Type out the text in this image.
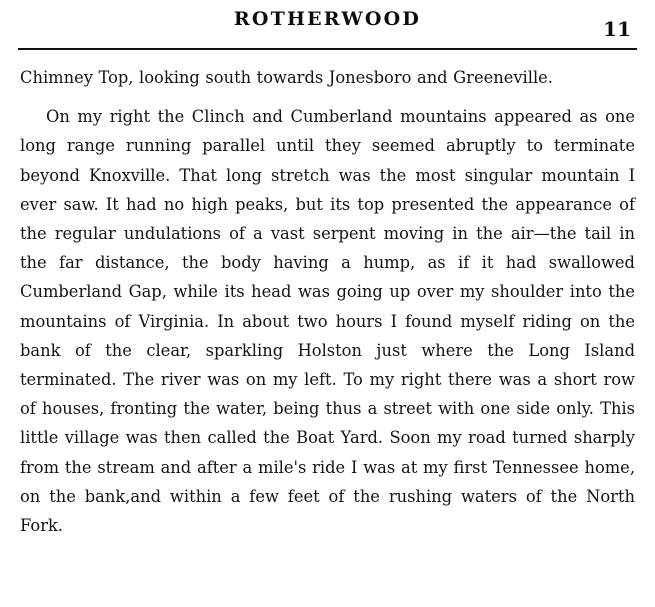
ROTHERWOOD	11

Chimney Top, looking south towards Jonesboro and Greeneville.

On my right the Clinch and Cumberland mountains appeared as one long range running parallel until they seemed abruptly to terminate beyond Knoxville. That long stretch was the most singular mountain I ever saw. It had no high peaks, but its top presented the appearance of the regular undulations of a vast serpent moving in the air—the tail in the far distance, the body having a hump, as if it had swallowed Cumberland Gap, while its head was going up over my shoulder into the mountains of Virginia. In about two hours I found myself riding on the bank of the clear, sparkling Holston just where the Long Island terminated. The river was on my left. To my right there was a short row of houses, fronting the water, being thus a street with one side only. This little village was then called the Boat Yard. Soon my road turned sharply from the stream and after a mile's ride I was at my first Tennessee home, on the bank,and within a few feet of the rushing waters of the North Fork.
